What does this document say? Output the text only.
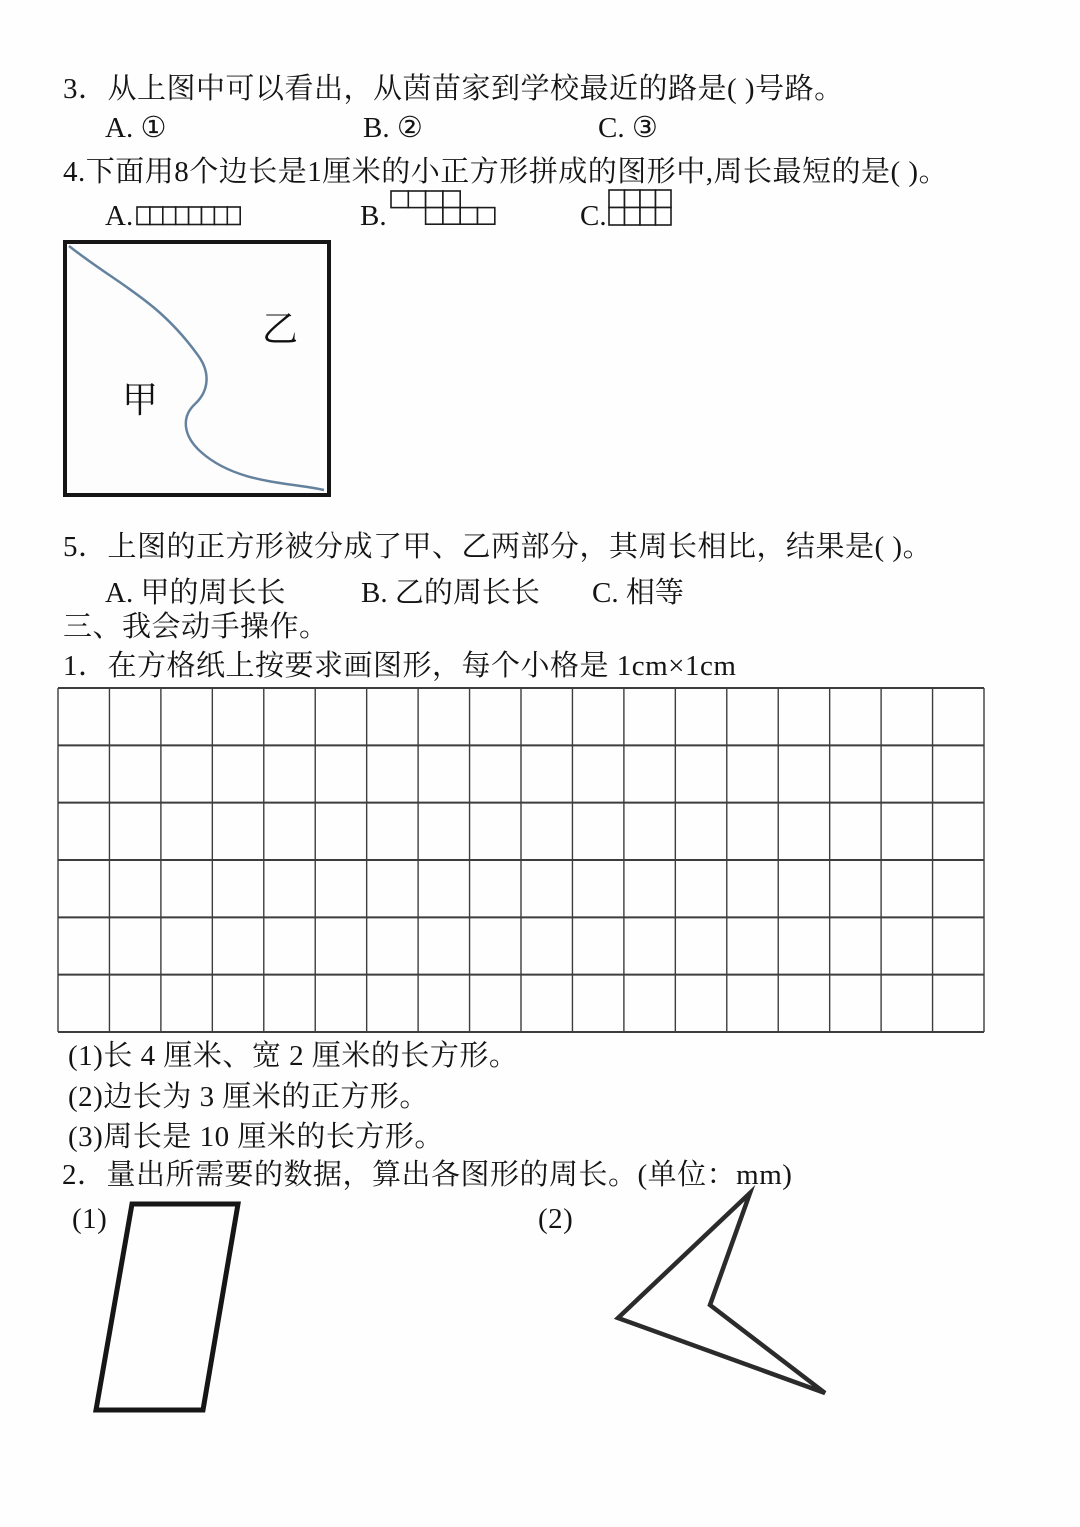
3．从上图中可以看出，从茵苗家到学校最近的路是( )号路。
A. ①	B. ②	C. ③
4.下面用8个边长是1厘米的小正方形拼成的图形中,周长最短的是( )。
A.	B.	C.
甲
乙
5．上图的正方形被分成了甲、乙两部分，其周长相比，结果是( )。
A. 甲的周长长	B. 乙的周长长 C. 相等
三、我会动手操作。
1．在方格纸上按要求画图形，每个小格是 1cm×1cm
(1)长 4 厘米、宽 2 厘米的长方形。
(2)边长为 3 厘米的正方形。
(3)周长是 10 厘米的长方形。
2．量出所需要的数据，算出各图形的周长。(单位：mm)
(1)	(2)
